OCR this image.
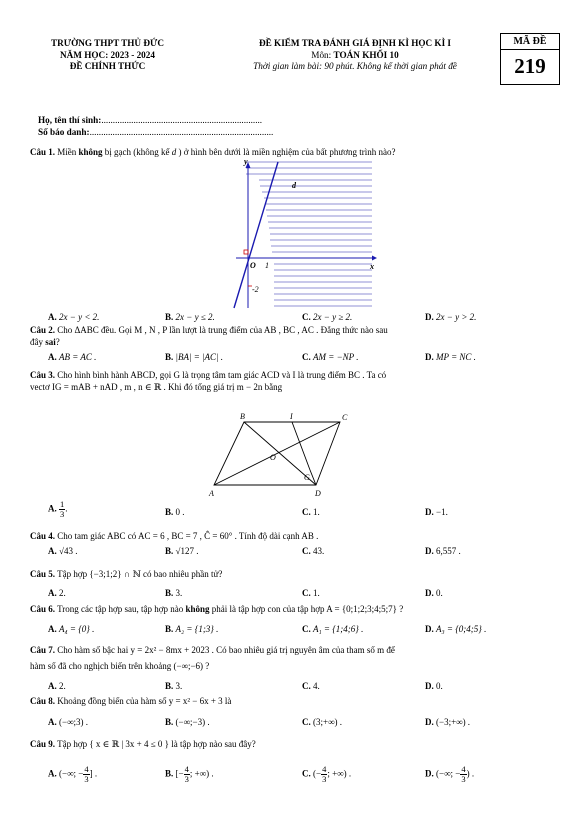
TRƯỜNG THPT THỦ ĐỨC
NĂM HỌC: 2023 - 2024
ĐỀ CHÍNH THỨC
ĐỀ KIỂM TRA ĐÁNH GIÁ ĐỊNH KÌ HỌC KÌ I
Môn: TOÁN KHỐI 10
Thời gian làm bài: 90 phút. Không kể thời gian phát đề
MÃ ĐỀ
219
Họ, tên thí sinh:......................................................................
Số báo danh:................................................................................
Câu 1. Miền không bị gạch (không kể d ) ở hình bên dưới là miền nghiệm của bất phương trình nào?
y
x
d
O 1
-2
A. 2x − y < 2.	B. 2x − y ≤ 2.	C. 2x − y ≥ 2.	D. 2x − y > 2.
Câu 2. Cho ΔABC đều. Gọi M , N , P lần lượt là trung điểm của AB , BC , AC . Đẳng thức nào sau
đây sai?
A. AB = AC .	B. |BA| = |AC| .	C. AM = −NP .	D. MP = NC .
Câu 3. Cho hình bình hành ABCD, gọi G là trọng tâm tam giác ACD và I là trung điểm BC . Ta có
vectơ IG = mAB + nAD , m , n ∈ ℝ . Khi đó tổng giá trị m − 2n bằng
B	I	C
O
G
A	D
A. $\frac{1}{3}$ .	B. 0 .	C. 1.	D. −1.
Câu 4. Cho tam giác ABC có AC = 6 , BC = 7 , Ĉ = 60° . Tính độ dài cạnh AB .
A. √43 .	B. √127 .	C. 43.	D. 6,557 .
Câu 5. Tập hợp {−3;1;2} ∩ ℕ có bao nhiêu phần tử?
A. 2.	B. 3.	C. 1.	D. 0.
Câu 6. Trong các tập hợp sau, tập hợp nào không phải là tập hợp con của tập hợp A = {0;1;2;3;4;5;7} ?
A. A₄ = {0} .	B. A₂ = {1;3} .	C. A₁ = {1;4;6} .	D. A₃ = {0;4;5} .
Câu 7. Cho hàm số bậc hai y = 2x² − 8mx + 2023 . Có bao nhiêu giá trị nguyên âm của tham số m để
hàm số đã cho nghịch biến trên khoảng (−∞;−6) ?
A. 2.	B. 3.	C. 4.	D. 0.
Câu 8. Khoảng đồng biến của hàm số y = x² − 6x + 3 là
A. (−∞;3) .	B. (−∞;−3) .	C. (3;+∞) .	D. (−3;+∞) .
Câu 9. Tập hợp { x ∈ ℝ | 3x + 4 ≤ 0 } là tập hợp nào sau đây?
A. (−∞; − $\frac{4}{3}$ ] .	B. [− $\frac{4}{3}$ ; +∞) .	C. (− $\frac{4}{3}$ ; +∞) .	D. (−∞; − $\frac{4}{3}$ ) .
